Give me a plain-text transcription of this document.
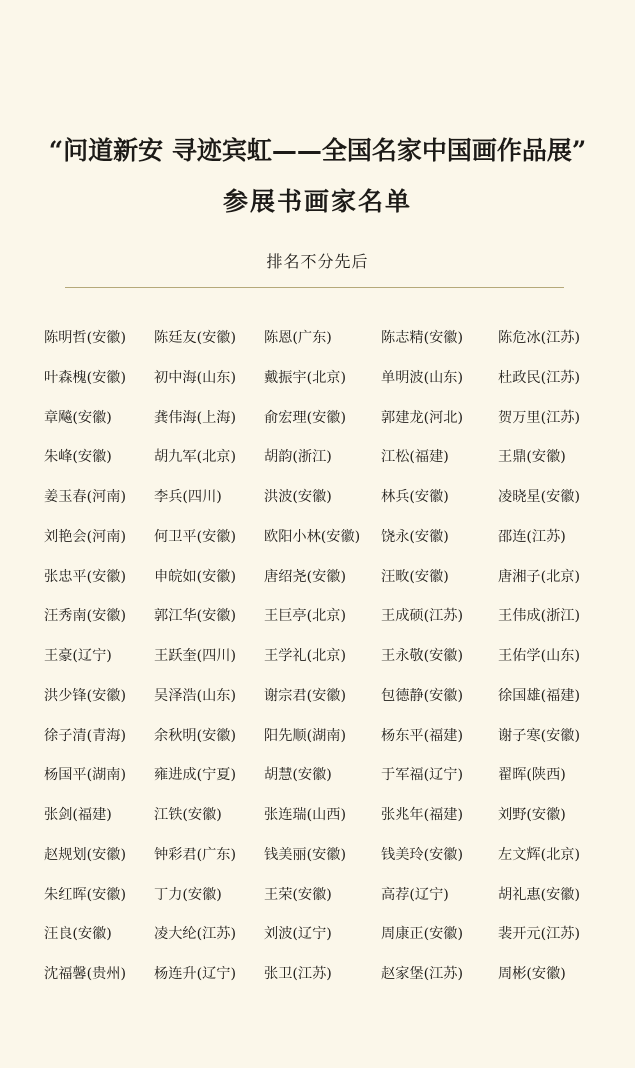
“问道新安 寻迹宾虹——全国名家中国画作品展”
参展书画家名单
排名不分先后
陈明哲(安徽) 陈廷友(安徽) 陈恩(广东)	陈志精(安徽) 陈危冰(江苏)
叶森槐(安徽) 初中海(山东) 戴振宇(北京) 单明波(山东) 杜政民(江苏)
章飚(安徽)	龚伟海(上海) 俞宏理(安徽) 郭建龙(河北) 贺万里(江苏)
朱峰(安徽)	胡九军(北京) 胡韵(浙江)	江松(福建)	王鼎(安徽)
姜玉春(河南) 李兵(四川)	洪波(安徽)	林兵(安徽)	凌晓星(安徽)
刘艳会(河南) 何卫平(安徽) 欧阳小林(安徽) 饶永(安徽)	邵连(江苏)
张忠平(安徽) 申皖如(安徽) 唐绍尧(安徽) 汪畋(安徽)	唐湘子(北京)
汪秀南(安徽) 郭江华(安徽) 王巨亭(北京) 王成硕(江苏) 王伟成(浙江)
王豪(辽宁)	王跃奎(四川) 王学礼(北京) 王永敬(安徽) 王佑学(山东)
洪少锋(安徽) 吴泽浩(山东) 谢宗君(安徽) 包德静(安徽) 徐国雄(福建)
徐子清(青海) 余秋明(安徽) 阳先顺(湖南) 杨东平(福建) 谢子寒(安徽)
杨国平(湖南) 雍进成(宁夏) 胡慧(安徽)	于军福(辽宁) 翟晖(陕西)
张剑(福建)	江铁(安徽)	张连瑞(山西) 张兆年(福建) 刘野(安徽)
赵规划(安徽) 钟彩君(广东) 钱美丽(安徽) 钱美玲(安徽) 左文辉(北京)
朱红晖(安徽) 丁力(安徽)	王荣(安徽)	高荐(辽宁)	胡礼惠(安徽)
汪良(安徽)	凌大纶(江苏) 刘波(辽宁)	周康正(安徽) 裴开元(江苏)
沈福馨(贵州) 杨连升(辽宁) 张卫(江苏)	赵家堡(江苏) 周彬(安徽)
